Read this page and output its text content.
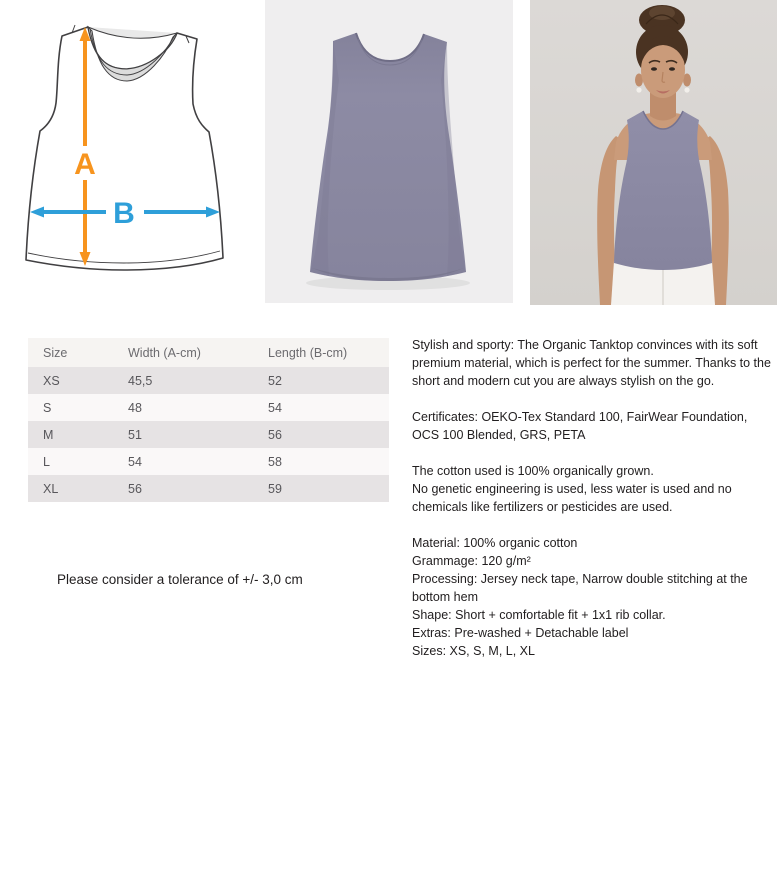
A
B
Size	Width (A-cm)	Length (B-cm)
XS	45,5	52
S	48	54
M	51	56
L	54	58
XL	56	59
Please consider a tolerance of +/- 3,0 cm

Stylish and sporty: The Organic Tanktop convinces with its soft premium material, which is perfect for the summer. Thanks to the short and modern cut you are always stylish on the go.

Certificates: OEKO-Tex Standard 100, FairWear Foundation, OCS 100 Blended, GRS, PETA

The cotton used is 100% organically grown.
No genetic engineering is used, less water is used and no chemicals like fertilizers or pesticides are used.

Material: 100% organic cotton
Grammage: 120 g/m²
Processing: Jersey neck tape, Narrow double stitching at the bottom hem
Shape: Short + comfortable fit + 1x1 rib collar.
Extras: Pre-washed + Detachable label
Sizes: XS, S, M, L, XL
